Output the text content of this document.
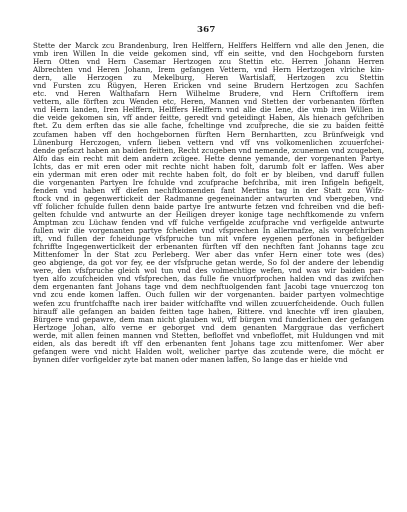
367
Stette der Marck zcu Brandenburg, Iren Helffern, Helffers Helffern vnd alle den Jenen, die
vmb iren Willen In die veide gekomen sind, vff ein seitte, vnd den Hochgeborn fursten
Hern Otten vnd Hern Casemar Hertzogen zcu Stettin etc. Herren Johann Herren
Albrechten vnd Heren Johann, Irem gefangen Vettern, vnd Hern Hertzogen vlriche kin-
dern, alle Herzogen zu Mekelburg, Heren Wartislaff, Hertzogen zcu Stettin
vnd Fursten zcu Rügyen, Heren Ericken vnd seine Brudern Hertzogen zcu Sachfen
etc. vnd Heren Walthafarn Hern Wilhelme Brudere, vnd Hern Criftoffern irem
vettern, alle förften zcu Wenden etc, Heren, Mannen vnd Stetten der vorbenanten förften
vnd Hern landen, Iren Helffern, Helffers Helffern vnd alle die Iene, die vmb iren Willen in
die veide gekomen sin, vff ander feitte, geredt vnd geteidingt Haben, Als hienach gefchriben
ftet. Zu dem erften das sie alle fache, fcheltinge vnd zcufpreche, die sie zu baiden feittē
zcufamen haben vff den hochgebornen fürften Hern Bernhartten, zcu Brünfweigk vnd
Lünenburg Herczogen, vnfern lieben vettern vnd vff vns volkomenlichen zcuuerfchei-
dende gefaczt haben an baiden feitten, Recht zcugeben vnd nemende, zcunemen vnd zcugeben,
Alfo das ein recht mit dem andern zcügee. Hette denne yemande, der vorgenanten Partye
Ichts, das er mit eren oder mit rechte nicht haben folt, darumb folt er laffen. Wes aber
ein yderman mit eren oder mit rechte haben folt, do folt er by bleiben, vnd daruff fullen
die vorgenanten Partyen Ire fchulde vnd zcufprache befchriba, mit iren Infigeln befigelt,
fenden vnd haben vff diefen nechftkomenden fant Mertins tag in der Statt zcu Wifz-
ftock vnd in gegenwertickeit der Radmanne gegeneinander antwurten vnd vbergeben, vnd
vff folicher fchulde fullen denn baide partye Ire antwurte fetzen vnd fchreiben vnd die befi-
gelten fchulde vnd antwurte an der Heiligen dreyer konige tage nechftkomende zu vnfern
Amptman zcu Lüchaw fenden vnd vff fulche verfigelde zcufprache vnd verfigelde antwurte
fullen wir die vorgenanten partye fcheiden vnd vfsprechen In allermafze, als vorgefchriben
ift, vnd fullen der fcheidunge vfsfpruche tun mit vnfere eygenen perfonen in befigelder
fchriffte Ingegenwerticlkeit der erbenanten fürften vff den nechften fant Johanns tage zcu
Mittenfomer In der Stat zcu Perleberg. Wer aber das vnfer Hern einer tote wes (des)
geo abgienge, da got vor fey, ee der vfsfpruche getan werde, So fol der andere der lebendig
were, den vfsfpruche gleich wol tun vnd des volmechtige wefen, vnd was wir baiden par-
tyen alfo zcufcheiden vnd vfsfprechen, das fulle fie vnuorfprochen halden vnd das zwifchen
dem ergenanten fant Johans tage vnd dem nechftuolgenden fant Jacobi tage vnuerczog ton
vnd zcu ende komen laffen. Ouch fullen wir der vorgenanten. baider partyen volmechtige
wefen zcu fruntfchaffte nach irer baider witfchaffte vnd willen zcuuerfcheidende. Ouch fullen
hirauff alle gefangen an baiden feitten tage haben, Rittere. vnd knechte vff iren glauben,
Bürgere vnd gepawre, dem man nicht glauben wil, vff bürgen vnd funderlichen der gefangen
Hertzoge Johan, alfo verne er geborget vnd dem genanten Marggraue das verfichert
werde, mit allen feinen mannen vnd Stetten, befloffet vnd vnbefloffet, mit Huldungen vnd mit
eiden, als das beredt ift vff den erbenanten fent Johans tage zcu mittenfomer. Wer aber
gefangen were vnd nicht Halden wolt, welicher partye das zcutende were, die möcht er
bynnen difer vorfigelder zyte bat manen oder manen laffen, So lange das er hielde vnd
